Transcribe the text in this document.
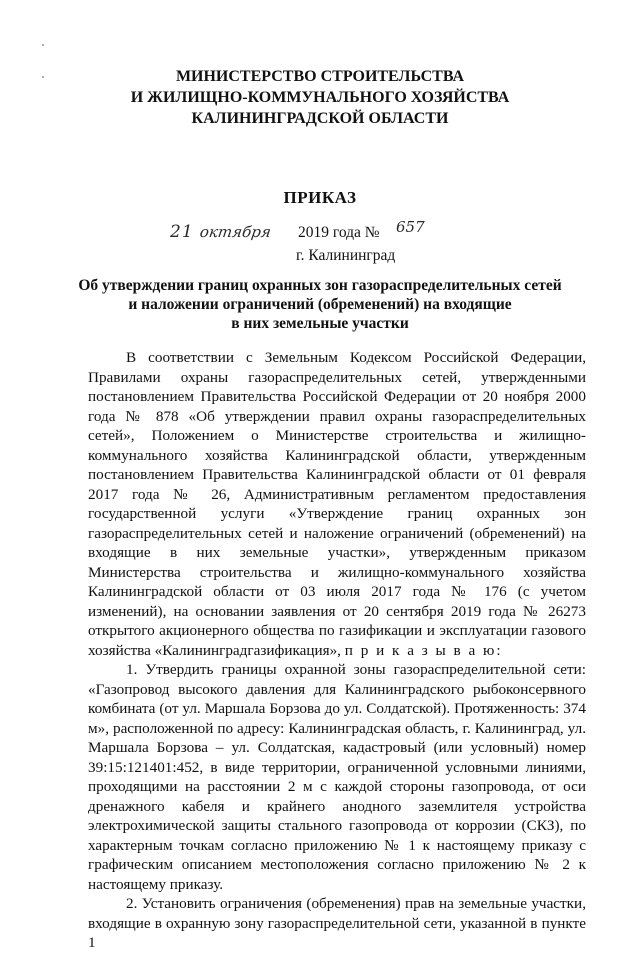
МИНИСТЕРСТВО СТРОИТЕЛЬСТВА
И ЖИЛИЩНО-КОММУНАЛЬНОГО ХОЗЯЙСТВА
КАЛИНИНГРАДСКОЙ ОБЛАСТИ
ПРИКАЗ
21 октября 2019 года № 657
г. Калининград
Об утверждении границ охранных зон газораспределительных сетей
и наложении ограничений (обременений) на входящие
в них земельные участки

В соответствии с Земельным Кодексом Российской Федерации, Правилами охраны газораспределительных сетей, утвержденными постановлением Правительства Российской Федерации от 20 ноября 2000 года № 878 «Об утверждении правил охраны газораспределительных сетей», Положением о Министерстве строительства и жилищно-коммунального хозяйства Калининградской области, утвержденным постановлением Правительства Калининградской области от 01 февраля 2017 года № 26, Административным регламентом предоставления государственной услуги «Утверждение границ охранных зон газораспределительных сетей и наложение ограничений (обременений) на входящие в них земельные участки», утвержденным приказом Министерства строительства и жилищно-коммунального хозяйства Калининградской области от 03 июля 2017 года № 176 (с учетом изменений), на основании заявления от 20 сентября 2019 года № 26273 открытого акционерного общества по газификации и эксплуатации газового хозяйства «Калининградгазификация», п р и к а з ы в а ю:

1. Утвердить границы охранной зоны газораспределительной сети: «Газопровод высокого давления для Калининградского рыбоконсервного комбината (от ул. Маршала Борзова до ул. Солдатской). Протяженность: 374 м», расположенной по адресу: Калининградская область, г. Калининград, ул. Маршала Борзова – ул. Солдатская, кадастровый (или условный) номер 39:15:121401:452, в виде территории, ограниченной условными линиями, проходящими на расстоянии 2 м с каждой стороны газопровода, от оси дренажного кабеля и крайнего анодного заземлителя устройства электрохимической защиты стального газопровода от коррозии (СКЗ), по характерным точкам согласно приложению № 1 к настоящему приказу с графическим описанием местоположения согласно приложению № 2 к настоящему приказу.

2. Установить ограничения (обременения) прав на земельные участки, входящие в охранную зону газораспределительной сети, указанной в пункте 1
